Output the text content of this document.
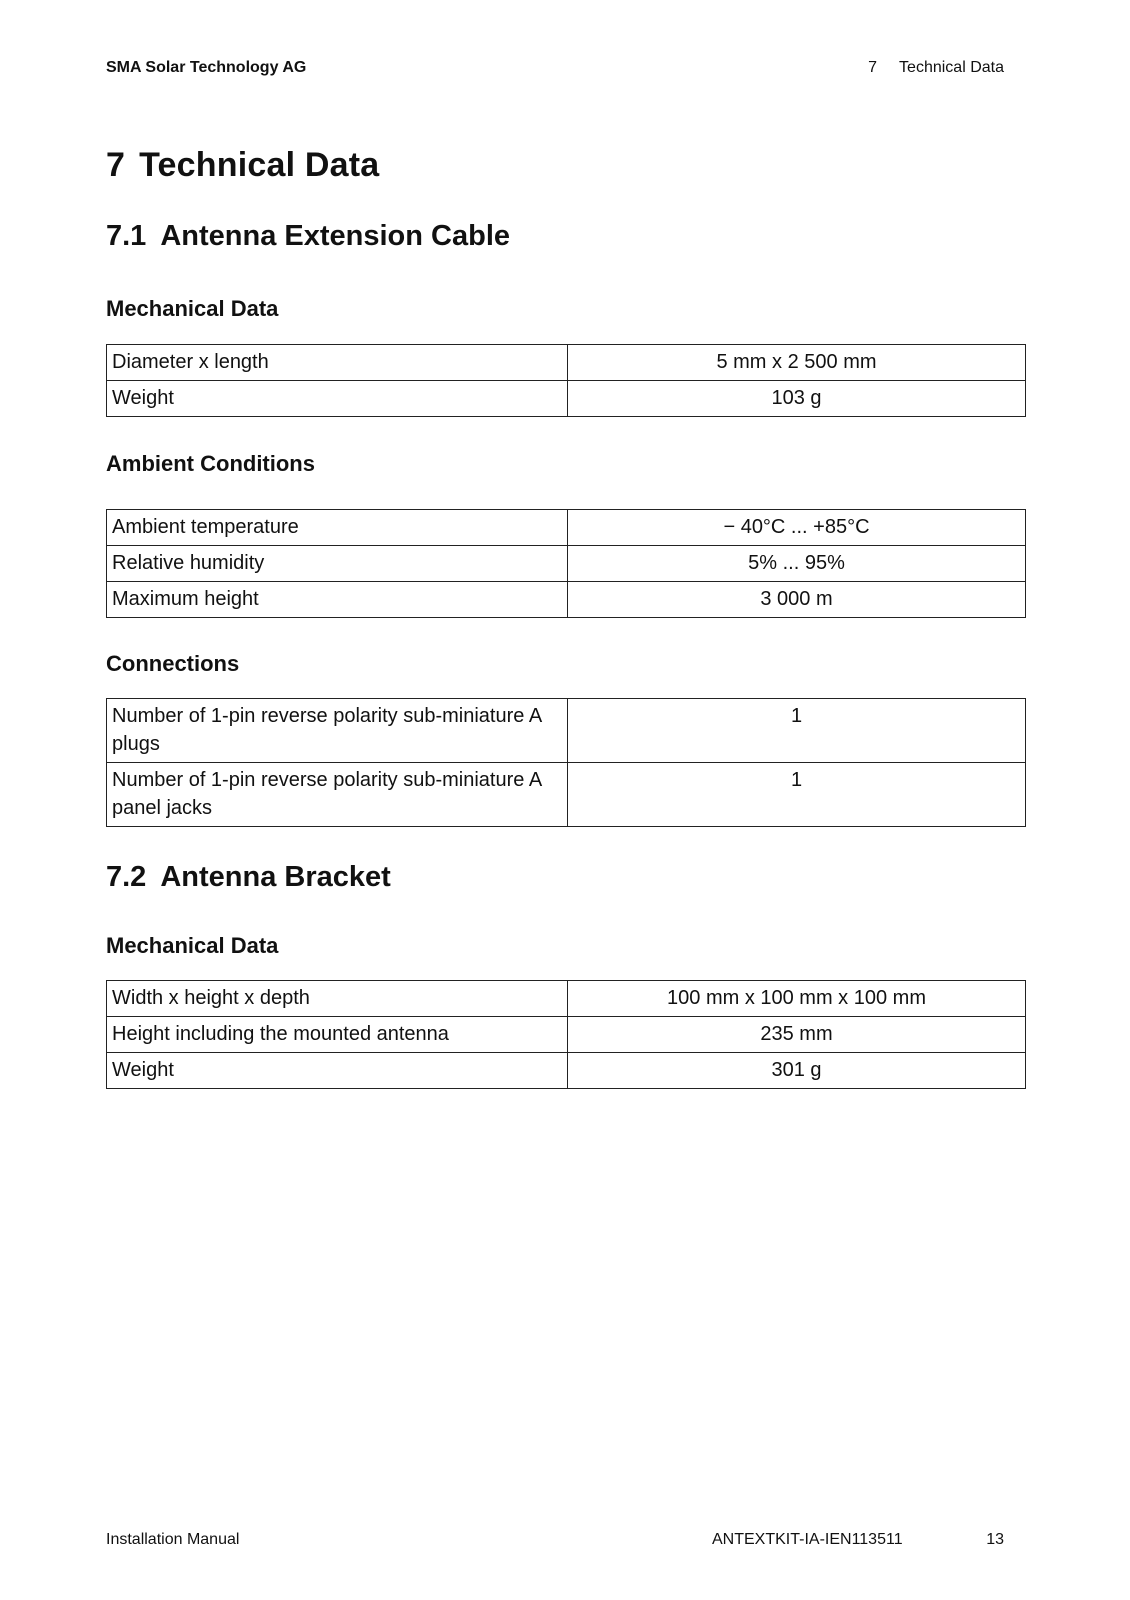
SMA Solar Technology AG	7 Technical Data
7 Technical Data
7.1 Antenna Extension Cable
Mechanical Data
Diameter x length	5 mm x 2 500 mm
Weight	103 g
Ambient Conditions
Ambient temperature	− 40°C ... +85°C
Relative humidity	5% ... 95%
Maximum height	3 000 m
Connections
Number of 1-pin reverse polarity sub-miniature A plugs	1
Number of 1-pin reverse polarity sub-miniature A panel jacks	1
7.2 Antenna Bracket
Mechanical Data
Width x height x depth	100 mm x 100 mm x 100 mm
Height including the mounted antenna	235 mm
Weight	301 g
Installation Manual	ANTEXTKIT-IA-IEN113511	13
